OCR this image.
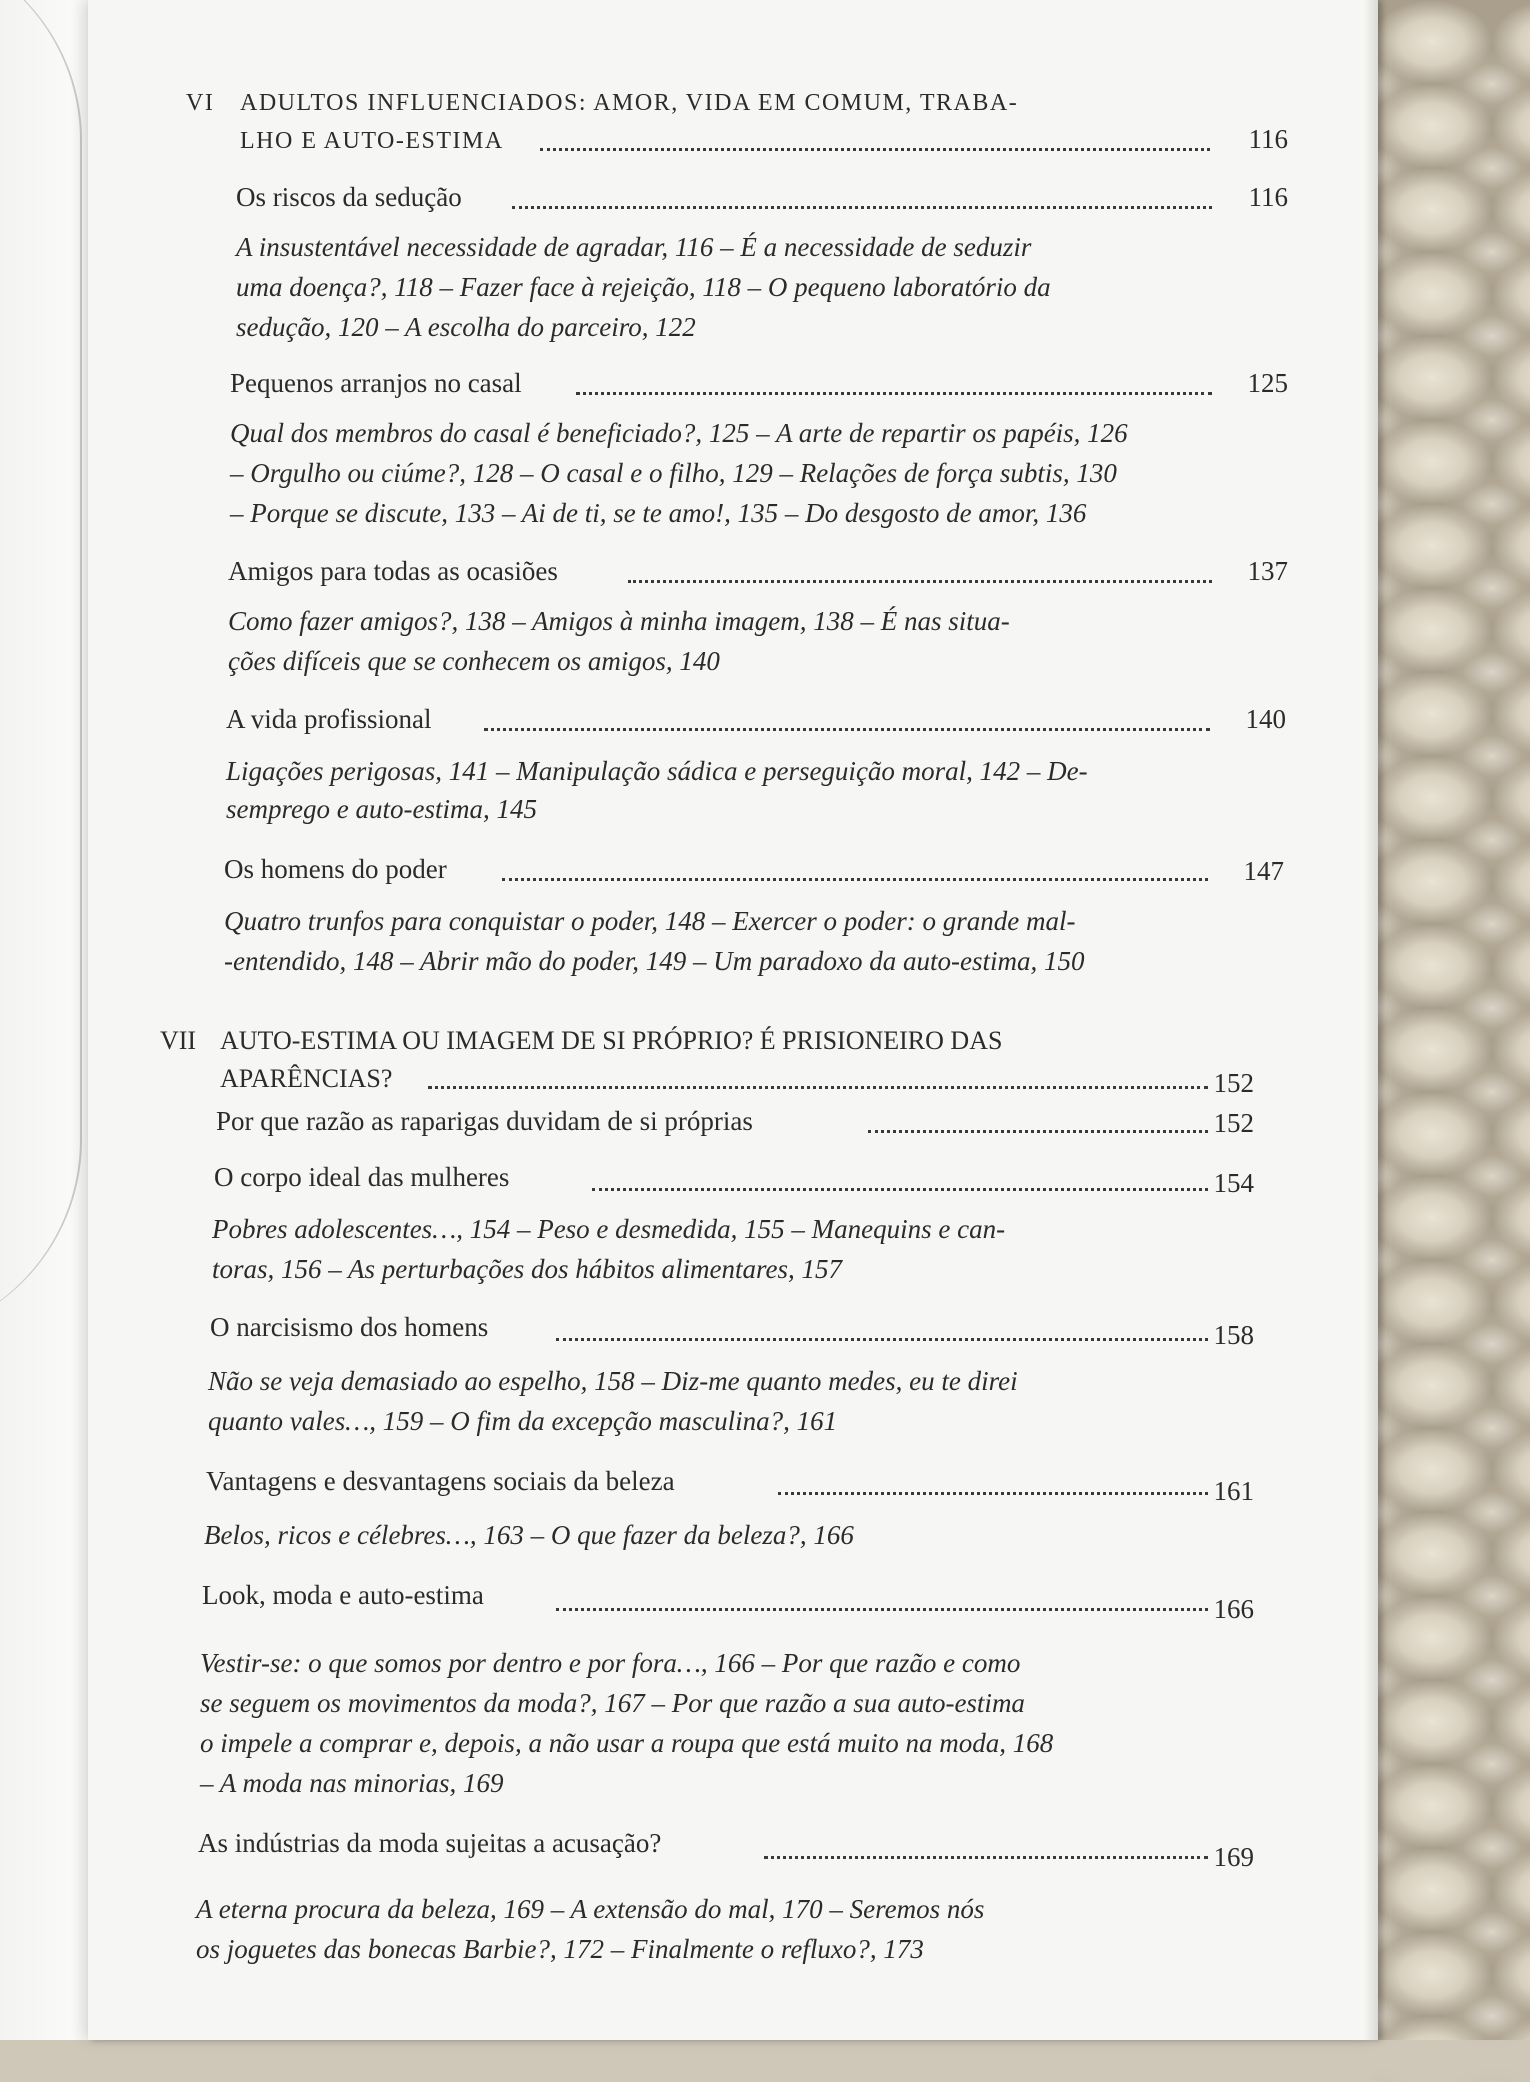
VI ADULTOS INFLUENCIADOS: AMOR, VIDA EM COMUM, TRABA-
LHO E AUTO-ESTIMA	116
Os riscos da sedução	116
A insustentável necessidade de agradar, 116 – É a necessidade de seduzir
uma doença?, 118 – Fazer face à rejeição, 118 – O pequeno laboratório da
sedução, 120 – A escolha do parceiro, 122
Pequenos arranjos no casal	125
Qual dos membros do casal é beneficiado?, 125 – A arte de repartir os papéis, 126
– Orgulho ou ciúme?, 128 – O casal e o filho, 129 – Relações de força subtis, 130
– Porque se discute, 133 – Ai de ti, se te amo!, 135 – Do desgosto de amor, 136
Amigos para todas as ocasiões	137
Como fazer amigos?, 138 – Amigos à minha imagem, 138 – É nas situa-
ções difíceis que se conhecem os amigos, 140
A vida profissional	140
Ligações perigosas, 141 – Manipulação sádica e perseguição moral, 142 – De-
semprego e auto-estima, 145
Os homens do poder	147
Quatro trunfos para conquistar o poder, 148 – Exercer o poder: o grande mal-
-entendido, 148 – Abrir mão do poder, 149 – Um paradoxo da auto-estima, 150
VII AUTO-ESTIMA OU IMAGEM DE SI PRÓPRIO? É PRISIONEIRO DAS
APARÊNCIAS?	152
Por que razão as raparigas duvidam de si próprias	152
O corpo ideal das mulheres	154
Pobres adolescentes…, 154 – Peso e desmedida, 155 – Manequins e can-
toras, 156 – As perturbações dos hábitos alimentares, 157
O narcisismo dos homens	158
Não se veja demasiado ao espelho, 158 – Diz-me quanto medes, eu te direi
quanto vales…, 159 – O fim da excepção masculina?, 161
Vantagens e desvantagens sociais da beleza	161
Belos, ricos e célebres…, 163 – O que fazer da beleza?, 166
Look, moda e auto-estima	166
Vestir-se: o que somos por dentro e por fora…, 166 – Por que razão e como
se seguem os movimentos da moda?, 167 – Por que razão a sua auto-estima
o impele a comprar e, depois, a não usar a roupa que está muito na moda, 168
– A moda nas minorias, 169
As indústrias da moda sujeitas a acusação?	169
A eterna procura da beleza, 169 – A extensão do mal, 170 – Seremos nós
os joguetes das bonecas Barbie?, 172 – Finalmente o refluxo?, 173
